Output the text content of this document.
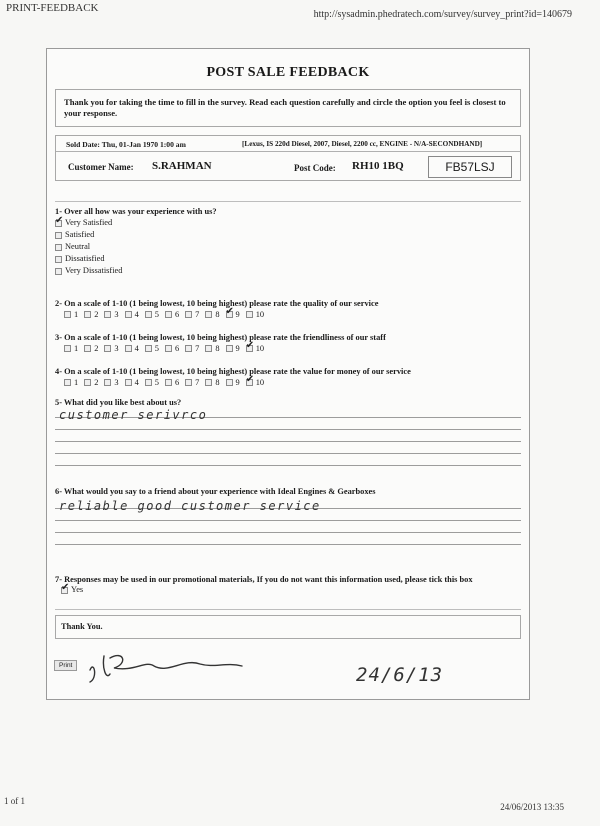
PRINT-FEEDBACK
http://sysadmin.phedratech.com/survey/survey_print?id=140679
POST SALE FEEDBACK
Thank you for taking the time to fill in the survey. Read each question carefully and circle the option you feel is closest to your response.
Sold Date: Thu, 01-Jan 1970 1:00 am	[Lexus, IS 220d Diesel, 2007, Diesel, 2200 cc, ENGINE - N/A-SECONDHAND]
Customer Name: S.RAHMAN	Post Code: RH10 1BQ	FB57LSJ
1- Over all how was your experience with us?
✔
Very Satisfied
Satisfied
Neutral
Dissatisfied
Very Dissatisfied
2- On a scale of 1-10 (1 being lowest, 10 being highest) please rate the quality of our service
1 2 3 4 5 6 7 8 ✔ 9 10
3- On a scale of 1-10 (1 being lowest, 10 being highest) please rate the friendliness of our staff
1 2 3 4 5 6 7 8 9 ✔ 10
4- On a scale of 1-10 (1 being lowest, 10 being highest) please rate the value for money of our service
1 2 3 4 5 6 7 8 9 ✔ 10
5- What did you like best about us?
customer serivrco
6- What would you say to a friend about your experience with Ideal Engines & Gearboxes
reliable good customer service
7- Responses may be used in our promotional materials, If you do not want this information used, please tick this box
✔
Yes
Thank You.
Print	24/6/13
1 of 1
24/06/2013 13:35
